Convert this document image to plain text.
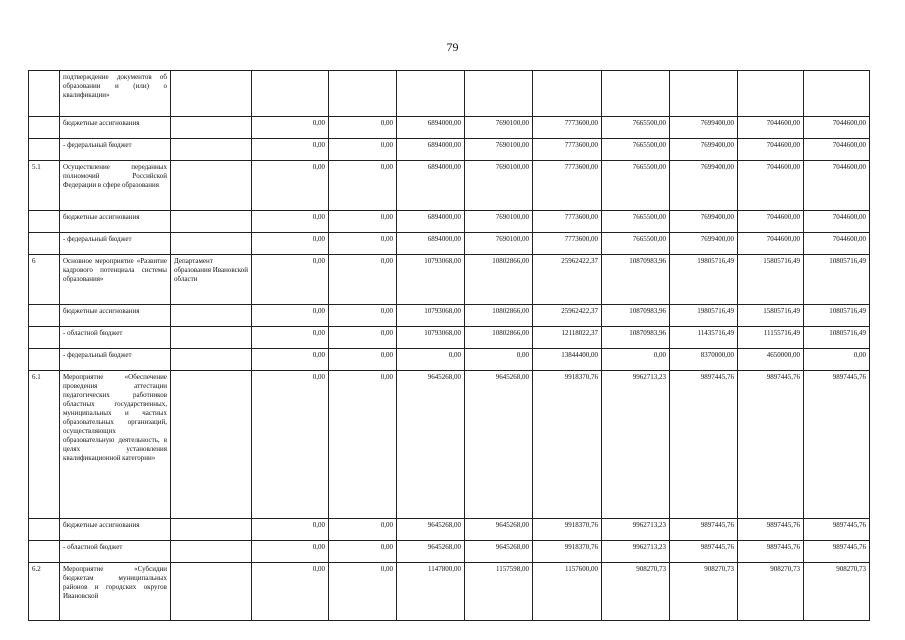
79
	подтверждение документов об образовании и (или) о квалификации»										
	бюджетные ассигнования		0,00	0,00	6894000,00	7690100,00	7773600,00	7665500,00	7699400,00	7044600,00	7044600,00
	- федеральный бюджет		0,00	0,00	6894000,00	7690100,00	7773600,00	7665500,00	7699400,00	7044600,00	7044600,00
5.1	Осуществление переданных полномочий Российской Федерации в сфере образования		0,00	0,00	6894000,00	7690100,00	7773600,00	7665500,00	7699400,00	7044600,00	7044600,00
	бюджетные ассигнования		0,00	0,00	6894000,00	7690100,00	7773600,00	7665500,00	7699400,00	7044600,00	7044600,00
	- федеральный бюджет		0,00	0,00	6894000,00	7690100,00	7773600,00	7665500,00	7699400,00	7044600,00	7044600,00
6	Основное мероприятие «Развитие кадрового потенциала системы образования»	Департамент образования Ивановской области	0,00	0,00	10793068,00	10802866,00	25962422,37	10870983,96	19805716,49	15805716,49	10805716,49
	бюджетные ассигнования		0,00	0,00	10793068,00	10802866,00	25962422,37	10870983,96	19805716,49	15805716,49	10805716,49
	- областной бюджет		0,00	0,00	10793068,00	10802866,00	12118022,37	10870983,96	11435716,49	11155716,49	10805716,49
	- федеральный бюджет		0,00	0,00	0,00	0,00	13844400,00	0,00	8370000,00	4650000,00	0,00
6.1	Мероприятие «Обеспечение проведения аттестации педагогических работников областных государственных, муниципальных и частных образовательных организаций, осуществляющих образовательную деятельность, в целях установления квалификационной категории»		0,00	0,00	9645268,00	9645268,00	9918370,76	9962713,23	9897445,76	9897445,76	9897445,76
	бюджетные ассигнования		0,00	0,00	9645268,00	9645268,00	9918370,76	9962713,23	9897445,76	9897445,76	9897445,76
	- областной бюджет		0,00	0,00	9645268,00	9645268,00	9918370,76	9962713,23	9897445,76	9897445,76	9897445,76
6.2	Мероприятие «Субсидии бюджетам муниципальных районов и городских округов Ивановской		0,00	0,00	1147800,00	1157598,00	1157600,00	908270,73	908270,73	908270,73	908270,73
